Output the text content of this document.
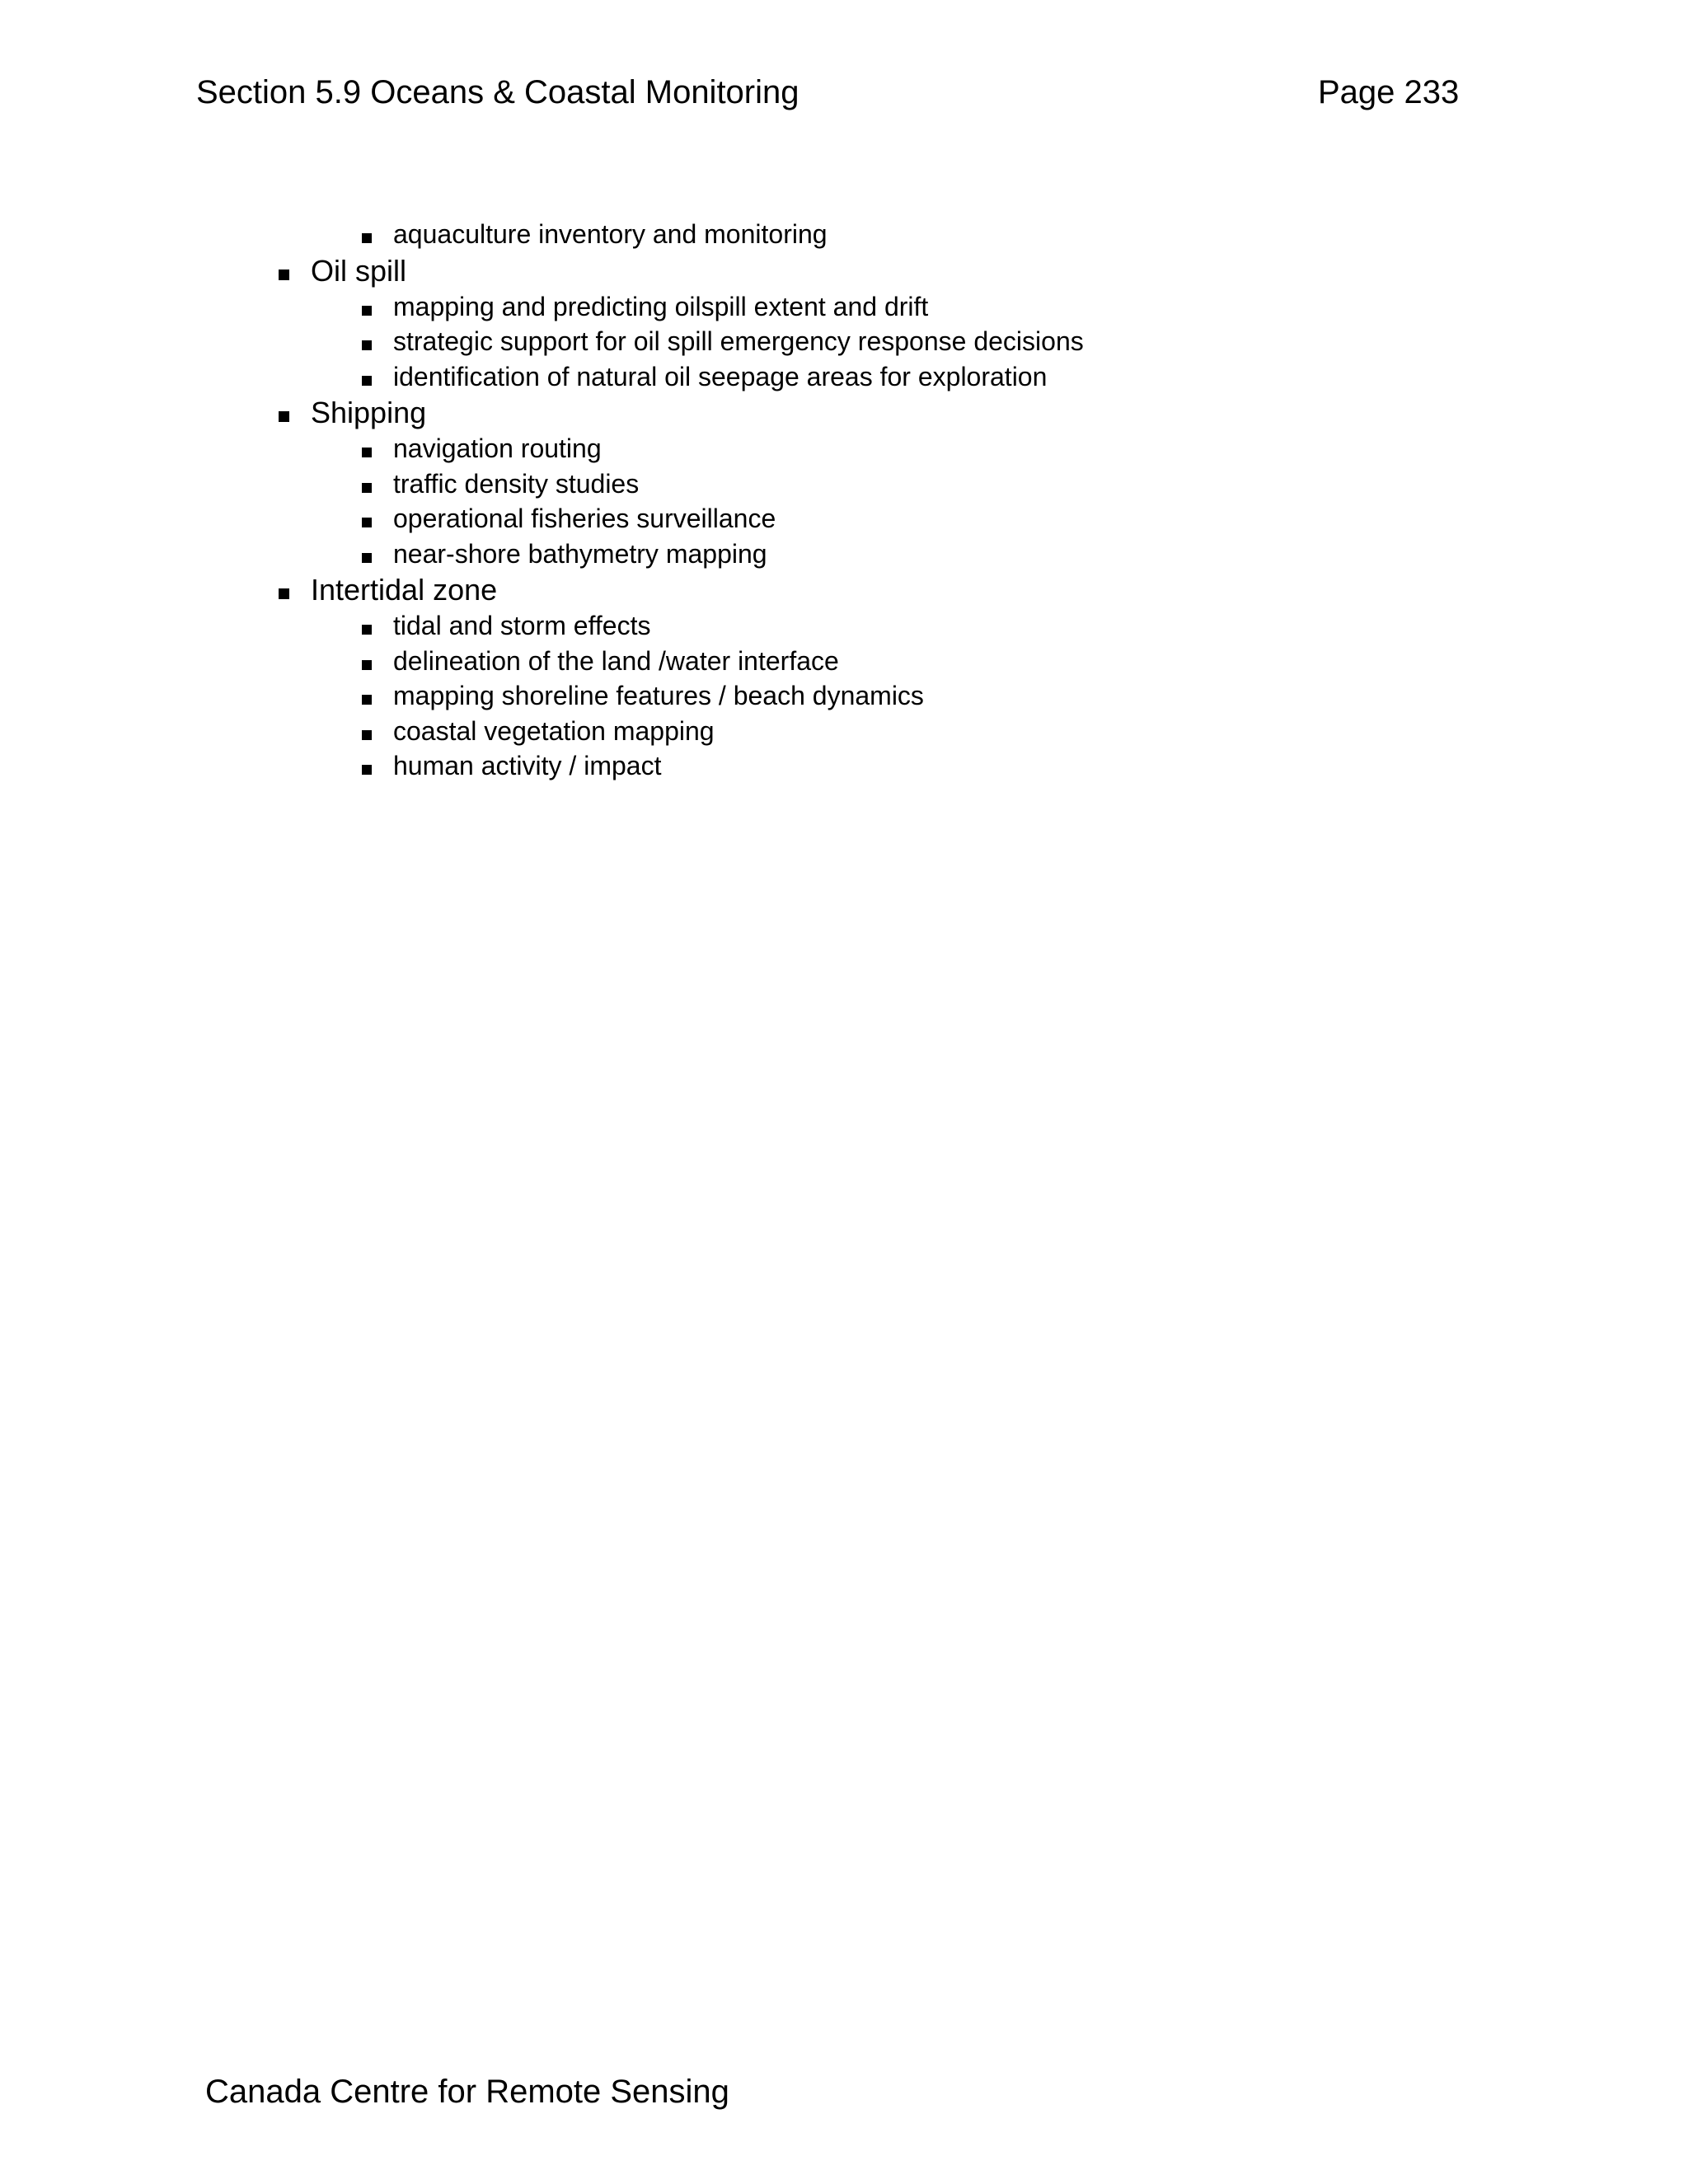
Section 5.9 Oceans & Coastal Monitoring	Page 233
aquaculture inventory and monitoring
Oil spill
mapping and predicting oilspill extent and drift
strategic support for oil spill emergency response decisions
identification of natural oil seepage areas for exploration
Shipping
navigation routing
traffic density studies
operational fisheries surveillance
near-shore bathymetry mapping
Intertidal zone
tidal and storm effects
delineation of the land /water interface
mapping shoreline features / beach dynamics
coastal vegetation mapping
human activity / impact
Canada Centre for Remote Sensing
